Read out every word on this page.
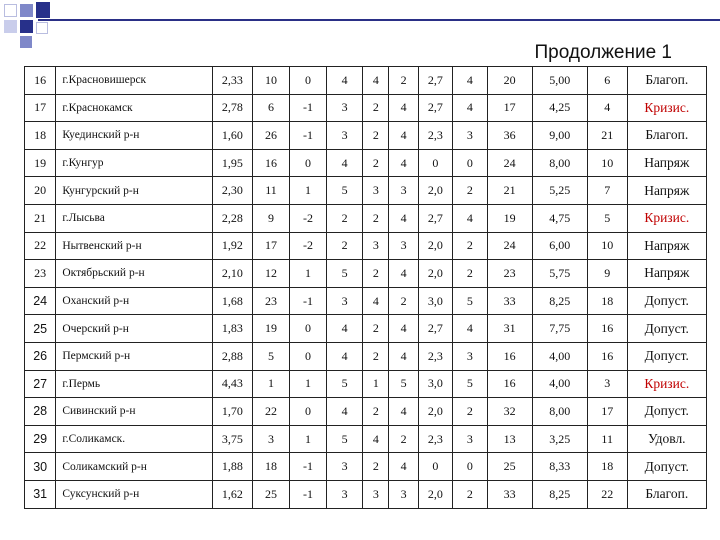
Продолжение 1
16	г.Красновишерск	2,33	10	0	4	4	2	2,7	4	20	5,00	6	Благоп.
17	г.Краснокамск	2,78	6	-1	3	2	4	2,7	4	17	4,25	4	Кризис.
18	Куединский р-н	1,60	26	-1	3	2	4	2,3	3	36	9,00	21	Благоп.
19	г.Кунгур	1,95	16	0	4	2	4	0	0	24	8,00	10	Напряж
20	Кунгурский р-н	2,30	11	1	5	3	3	2,0	2	21	5,25	7	Напряж
21	г.Лысьва	2,28	9	-2	2	2	4	2,7	4	19	4,75	5	Кризис.
22	Нытвенский р-н	1,92	17	-2	2	3	3	2,0	2	24	6,00	10	Напряж
23	Октябрьский р-н	2,10	12	1	5	2	4	2,0	2	23	5,75	9	Напряж
24	Оханский р-н	1,68	23	-1	3	4	2	3,0	5	33	8,25	18	Допуст.
25	Очерский р-н	1,83	19	0	4	2	4	2,7	4	31	7,75	16	Допуст.
26	Пермский р-н	2,88	5	0	4	2	4	2,3	3	16	4,00	16	Допуст.
27	г.Пермь	4,43	1	1	5	1	5	3,0	5	16	4,00	3	Кризис.
28	Сивинский р-н	1,70	22	0	4	2	4	2,0	2	32	8,00	17	Допуст.
29	г.Соликамск.	3,75	3	1	5	4	2	2,3	3	13	3,25	11	Удовл.
30	Соликамский р-н	1,88	18	-1	3	2	4	0	0	25	8,33	18	Допуст.
31	Суксунский р-н	1,62	25	-1	3	3	3	2,0	2	33	8,25	22	Благоп.
